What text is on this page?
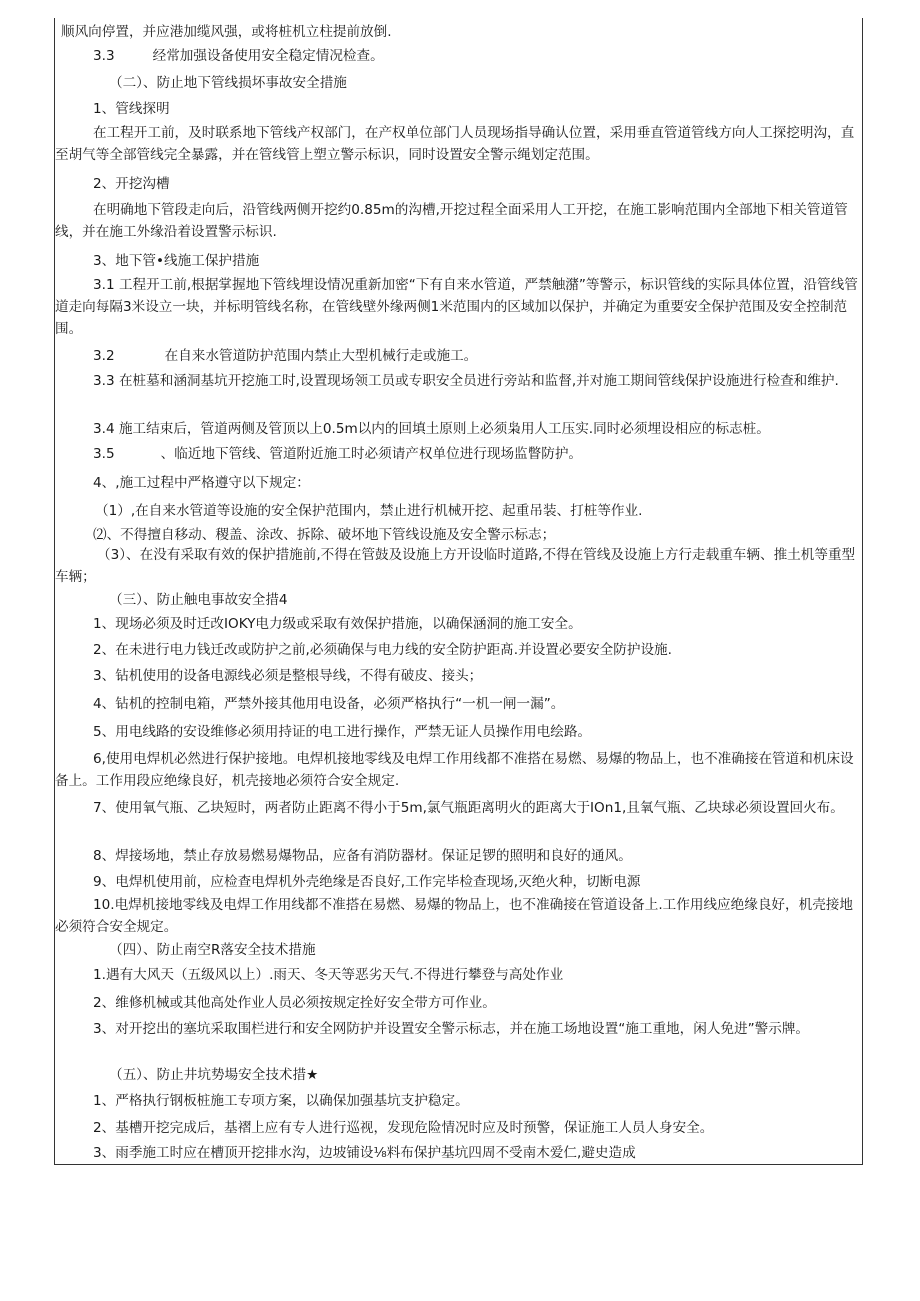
顺风向停置，并应港加缆风强，或将桩机立柱提前放倒.
3.3	经常加强设备使用安全稳定情况检查。
（二）、防止地下管线损坏事故安全措施
1、管线探明
在工程开工前，及时联系地下管线产权部门，在产权单位部门人员现场指导确认位置，采用垂直管道管线方向人工探挖明沟，直至胡气等全部管线完全暴露，并在管线管上塑立警示标识，同时设置安全警示绳划定范围。
2、开挖沟槽
在明确地下管段走向后，沿管线两侧开挖约0.85m的沟槽,开挖过程全面采用人工开挖，在施工影响范围内全部地下相关管道管线，并在施工外缘沿着设置警示标识.
3、地下管•线施工保护措施
3.1 工程开工前,根据掌握地下管线埋设情况重新加密“下有自来水管道，严禁触潴”等警示，标识管线的实际具体位置，沿管线管道走向每隔3米设立一块，并标明管线名称，在管线壁外缘两侧1米范围内的区域加以保护，并确定为重要安全保护范围及安全控制范围。
3.2	在自来水管道防护范围内禁止大型机械行走或施工。
3.3 在桩墓和涵洞基坑开挖施工时,设置现场领工员或专职安全员进行旁站和监督,并对施工期间管线保护设施进行检查和维护.
3.4 施工结束后，管道两侧及管顶以上0.5m以内的回填土原则上必须枭用人工压实.同时必须埋设相应的标志桩。
3.5	、临近地下管线、管道附近施工时必须请产权单位进行现场监瞥防护。
4、,施工过程中严格遵守以下规定：
（1）,在自来水管道等设施的安全保护范围内，禁止进行机械开挖、起重吊装、打桩等作业.
⑵、不得擅自移动、稷盖、涂改、拆除、破坏地下管线设施及安全警示标志；
（3）、在没有采取有效的保护措施前,不得在管鼓及设施上方开设临时道路,不得在管线及设施上方行走载重车辆、推土机等重型车辆；
（三）、防止触电事故安全措4
1、现场必须及时迁改IOKY电力级或采取有效保护措施，以确保涵洞的施工安全。
2、在未进行电力钱迁改或防护之前,必须确保与电力线的安全防护距髙.并设置必要安全防护设施.
3、钻机使用的设备电源线必须是整根导线，不得有破皮、接头；
4、钻机的控制电箱，严禁外接其他用电设备，必须严格执行“一机一闸一漏”。
5、用电线路的安设维修必须用持证的电工进行操作，严禁无证人员操作用电绘路。
6,使用电焊机必然进行保护接地。电焊机接地零线及电焊工作用线都不准搭在易燃、易爆的物品上，也不准确接在管道和机床设备上。工作用段应绝缘良好，机壳接地必须符合安全规定.
7、使用氧气瓶、乙块短时，两者防止距离不得小于5m,氯气瓶距离明火的距离大于IOn1,且氧气瓶、乙块球必须设置回火布。
8、焊接场地，禁止存放易燃易爆物品，应备有消防器材。保证足锣的照明和良好的通风。
9、电焊机使用前，应检查电焊机外壳绝缘是否良好,工作完毕检查现场,灭绝火种，切断电源
10.电焊机接地零线及电焊工作用线都不准搭在易燃、易爆的物品上，也不准确接在管道设备上.工作用线应绝缘良好，机壳接地必须符合安全规定。
（四）、防止南空R落安全技术措施
1.遇有大风天（五级风以上）.雨天、冬天等恶劣天气.不得进行攀登与高处作业
2、维修机械或其他高处作业人员必须按规定拴好安全带方可作业。
3、对开挖出的塞坑采取围栏进行和安全网防护并设置安全警示标志，并在施工场地设置“施工重地，闲人免进”警示牌。
（五）、防止井坑势場安全技术措★
1、严格执行钢板桩施工专项方案，以确保加强基坑支护稳定。
2、基槽开挖完成后，基褶上应有专人进行巡视，发现危险情况时应及时预警，保证施工人员人身安全。
3、雨季施工时应在槽顶开挖排水沟，边坡铺设⅛料布保护基坑四周不受南木爱仁,避史造成
